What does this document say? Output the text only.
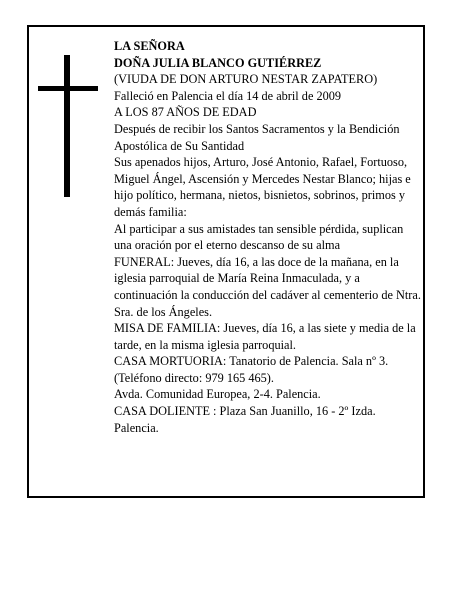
LA SEÑORA

DOÑA JULIA BLANCO GUTIÉRREZ

(VIUDA DE DON ARTURO NESTAR ZAPATERO)

Falleció en Palencia el día 14 de abril de 2009

A LOS 87 AÑOS DE EDAD

Después de recibir los Santos Sacramentos y la Bendición Apostólica de Su Santidad

Sus apenados hijos, Arturo, José Antonio, Rafael, Fortuoso, Miguel Ángel, Ascensión y Mercedes Nestar Blanco; hijas e hijo político, hermana, nietos, bisnietos, sobrinos, primos y demás familia:

Al participar a sus amistades tan sensible pérdida, suplican una oración por el eterno descanso de su alma

FUNERAL: Jueves, día 16, a las doce de la mañana, en la iglesia parroquial de María Reina Inmaculada, y a continuación la conducción del cadáver al cementerio de Ntra. Sra. de los Ángeles.

MISA DE FAMILIA: Jueves, día 16, a las siete y media de la tarde, en la misma iglesia parroquial.

CASA MORTUORIA: Tanatorio de Palencia. Sala nº 3. (Teléfono directo: 979 165 465).

Avda. Comunidad Europea, 2-4. Palencia.

CASA DOLIENTE : Plaza San Juanillo, 16 - 2º Izda. Palencia.
